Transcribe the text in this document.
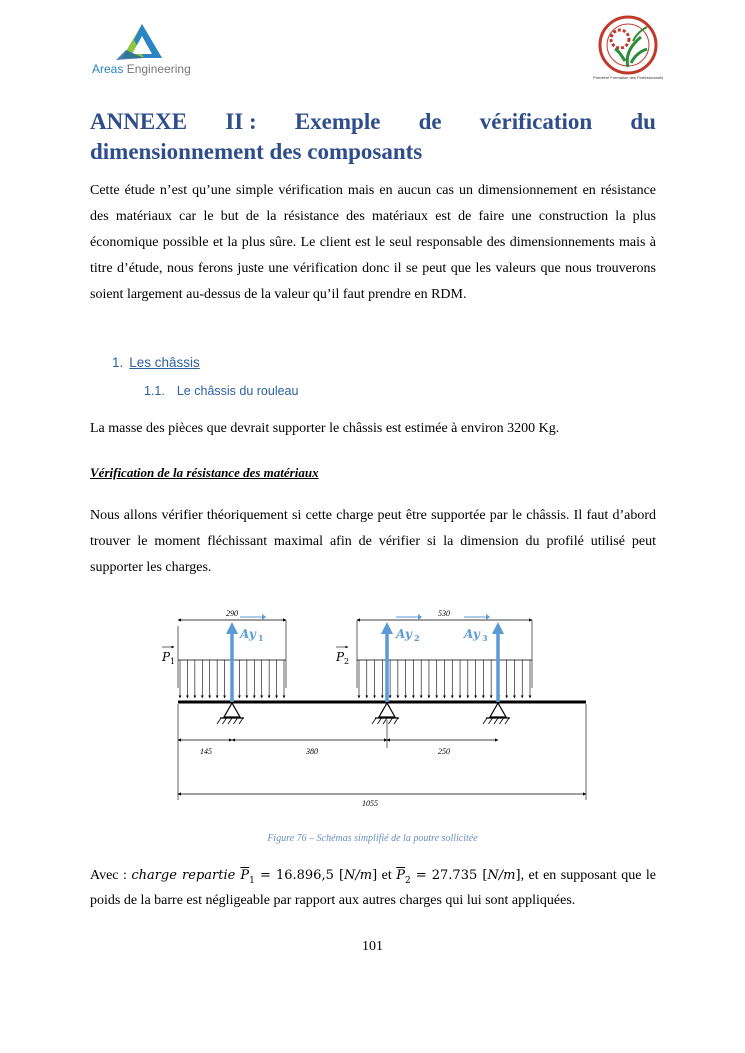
Areas Engineering
Première Formation des Professionnels
ANNEXE II : Exemple de vérification du
dimensionnement des composants

Cette étude n’est qu’une simple vérification mais en aucun cas un dimensionnement en résistance des matériaux car le but de la résistance des matériaux est de faire une construction la plus économique possible et la plus sûre. Le client est le seul responsable des dimensionnements mais à titre d’étude, nous ferons juste une vérification donc il se peut que les valeurs que nous trouverons soient largement au-dessus de la valeur qu’il faut prendre en RDM.

1. Les châssis
1.1. Le châssis du rouleau

La masse des pièces que devrait supporter le châssis est estimée à environ 3200 Kg.

Vérification de la résistance des matériaux

Nous allons vérifier théoriquement si cette charge peut être supportée par le châssis. Il faut d’abord trouver le moment fléchissant maximal afin de vérifier si la dimension du profilé utilisé peut supporter les charges.

290	530
P 1	P 2
Ay 1	Ay 2	Ay 3
145	380	250
1055
Figure 76 – Schémas simplifié de la poutre sollicitée
Avec : charge repartie $\overline{P}_1 = 16.896,5$ [N/m] et $\overline{P}_2 = 27.735$ [N/m], et en supposant que le poids de la barre est négligeable par rapport aux autres charges qui lui sont appliquées.
101
